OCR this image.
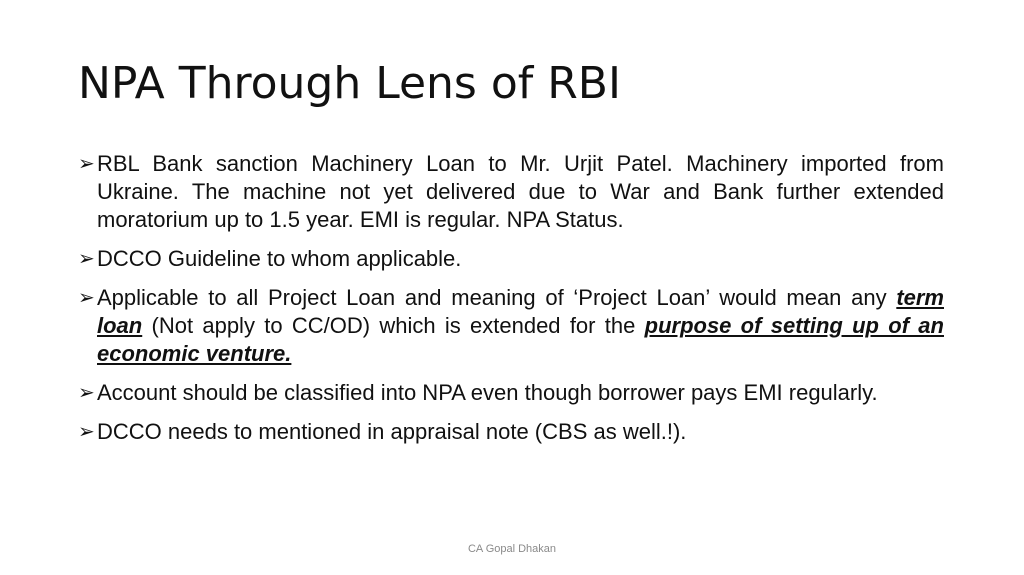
NPA Through Lens of RBI
➢ RBL Bank sanction Machinery Loan to Mr. Urjit Patel. Machinery imported from Ukraine. The machine not yet delivered due to War and Bank further extended moratorium up to 1.5 year. EMI is regular. NPA Status.
➢ DCCO Guideline to whom applicable.
➢ Applicable to all Project Loan and meaning of ‘Project Loan’ would mean any term loan (Not apply to CC/OD) which is extended for the purpose of setting up of an economic venture.
➢ Account should be classified into NPA even though borrower pays EMI regularly.
➢ DCCO needs to mentioned in appraisal note (CBS as well.!).
CA Gopal Dhakan
